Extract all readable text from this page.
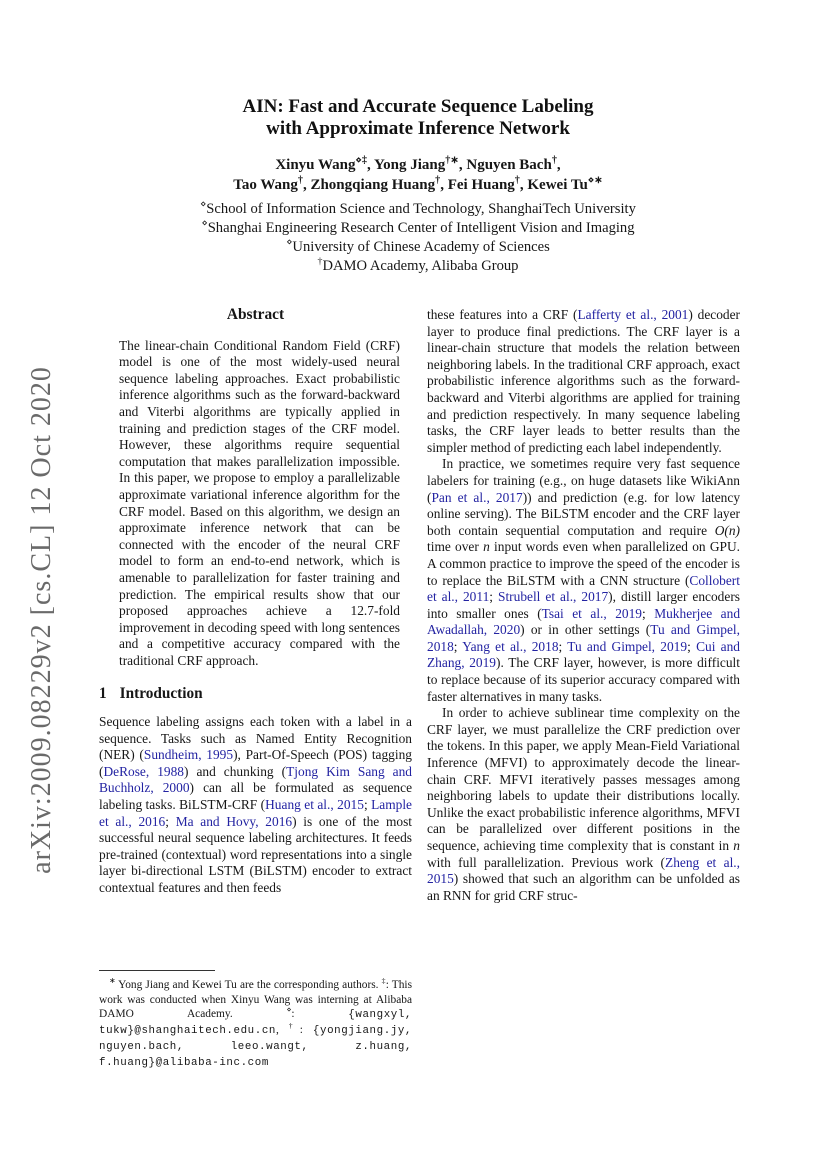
arXiv:2009.08229v2 [cs.CL] 12 Oct 2020
AIN: Fast and Accurate Sequence Labeling
with Approximate Inference Network
Xinyu Wang⋄‡, Yong Jiang†∗, Nguyen Bach†,
Tao Wang†, Zhongqiang Huang†, Fei Huang†, Kewei Tu⋄∗
⋄School of Information Science and Technology, ShanghaiTech University
⋄Shanghai Engineering Research Center of Intelligent Vision and Imaging
⋄University of Chinese Academy of Sciences
†DAMO Academy, Alibaba Group
Abstract

The linear-chain Conditional Random Field (CRF) model is one of the most widely-used neural sequence labeling approaches. Exact probabilistic inference algorithms such as the forward-backward and Viterbi algorithms are typically applied in training and prediction stages of the CRF model. However, these algorithms require sequential computation that makes parallelization impossible. In this paper, we propose to employ a parallelizable approximate variational inference algorithm for the CRF model. Based on this algorithm, we design an approximate inference network that can be connected with the encoder of the neural CRF model to form an end-to-end network, which is amenable to parallelization for faster training and prediction. The empirical results show that our proposed approaches achieve a 12.7-fold improvement in decoding speed with long sentences and a competitive accuracy compared with the traditional CRF approach.

1 Introduction

Sequence labeling assigns each token with a label in a sequence. Tasks such as Named Entity Recognition (NER) (Sundheim, 1995), Part-Of-Speech (POS) tagging (DeRose, 1988) and chunking (Tjong Kim Sang and Buchholz, 2000) can all be formulated as sequence labeling tasks. BiLSTM-CRF (Huang et al., 2015; Lample et al., 2016; Ma and Hovy, 2016) is one of the most successful neural sequence labeling architectures. It feeds pre-trained (contextual) word representations into a single layer bi-directional LSTM (BiLSTM) encoder to extract contextual features and then feeds

∗ Yong Jiang and Kewei Tu are the corresponding authors. ‡: This work was conducted when Xinyu Wang was interning at Alibaba DAMO Academy. ⋄: {wangxyl, tukw}@shanghaitech.edu.cn, †: {yongjiang.jy, nguyen.bach, leeo.wangt, z.huang, f.huang}@alibaba-inc.com

these features into a CRF (Lafferty et al., 2001) decoder layer to produce final predictions. The CRF layer is a linear-chain structure that models the relation between neighboring labels. In the traditional CRF approach, exact probabilistic inference algorithms such as the forward-backward and Viterbi algorithms are applied for training and prediction respectively. In many sequence labeling tasks, the CRF layer leads to better results than the simpler method of predicting each label independently.

In practice, we sometimes require very fast sequence labelers for training (e.g., on huge datasets like WikiAnn (Pan et al., 2017)) and prediction (e.g. for low latency online serving). The BiLSTM encoder and the CRF layer both contain sequential computation and require O(n) time over n input words even when parallelized on GPU. A common practice to improve the speed of the encoder is to replace the BiLSTM with a CNN structure (Collobert et al., 2011; Strubell et al., 2017), distill larger encoders into smaller ones (Tsai et al., 2019; Mukherjee and Awadallah, 2020) or in other settings (Tu and Gimpel, 2018; Yang et al., 2018; Tu and Gimpel, 2019; Cui and Zhang, 2019). The CRF layer, however, is more difficult to replace because of its superior accuracy compared with faster alternatives in many tasks.

In order to achieve sublinear time complexity on the CRF layer, we must parallelize the CRF prediction over the tokens. In this paper, we apply Mean-Field Variational Inference (MFVI) to approximately decode the linear-chain CRF. MFVI iteratively passes messages among neighboring labels to update their distributions locally. Unlike the exact probabilistic inference algorithms, MFVI can be parallelized over different positions in the sequence, achieving time complexity that is constant in n with full parallelization. Previous work (Zheng et al., 2015) showed that such an algorithm can be unfolded as an RNN for grid CRF struc-
